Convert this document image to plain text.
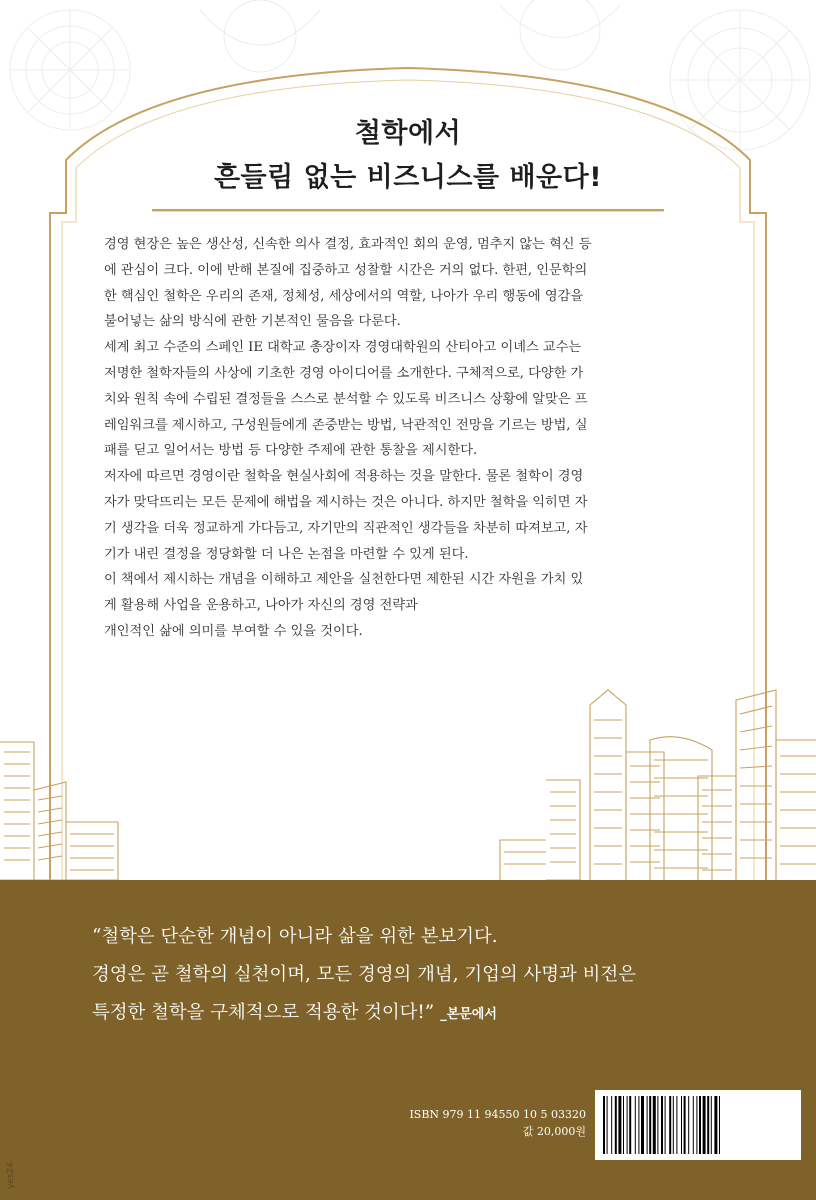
철학에서
흔들림 없는 비즈니스를 배운다!

경영 현장은 높은 생산성, 신속한 의사 결정, 효과적인 회의 운영, 멈추지 않는 혁신 등

에 관심이 크다. 이에 반해 본질에 집중하고 성찰할 시간은 거의 없다. 한편, 인문학의

한 핵심인 철학은 우리의 존재, 정체성, 세상에서의 역할, 나아가 우리 행동에 영감을

불어넣는 삶의 방식에 관한 기본적인 물음을 다룬다.

세계 최고 수준의 스페인 IE 대학교 총장이자 경영대학원의 산티아고 이녜스 교수는

저명한 철학자들의 사상에 기초한 경영 아이디어를 소개한다. 구체적으로, 다양한 가

치와 원칙 속에 수립된 결정들을 스스로 분석할 수 있도록 비즈니스 상황에 알맞은 프

레임워크를 제시하고, 구성원들에게 존중받는 방법, 낙관적인 전망을 기르는 방법, 실

패를 딛고 일어서는 방법 등 다양한 주제에 관한 통찰을 제시한다.

저자에 따르면 경영이란 철학을 현실사회에 적용하는 것을 말한다. 물론 철학이 경영

자가 맞닥뜨리는 모든 문제에 해법을 제시하는 것은 아니다. 하지만 철학을 익히면 자

기 생각을 더욱 정교하게 가다듬고, 자기만의 직관적인 생각들을 차분히 따져보고, 자

기가 내린 결정을 정당화할 더 나은 논점을 마련할 수 있게 된다.

이 책에서 제시하는 개념을 이해하고 제안을 실천한다면 제한된 시간 자원을 가치 있

게 활용해 사업을 운용하고, 나아가 자신의 경영 전략과

개인적인 삶에 의미를 부여할 수 있을 것이다.

“철학은 단순한 개념이 아니라 삶을 위한 본보기다.

경영은 곧 철학의 실천이며, 모든 경영의 개념, 기업의 사명과 비전은

특정한 철학을 구체적으로 적용한 것이다!” _본문에서

ISBN 979 11 94550 10 5 03320
값 20,000원
yes24
